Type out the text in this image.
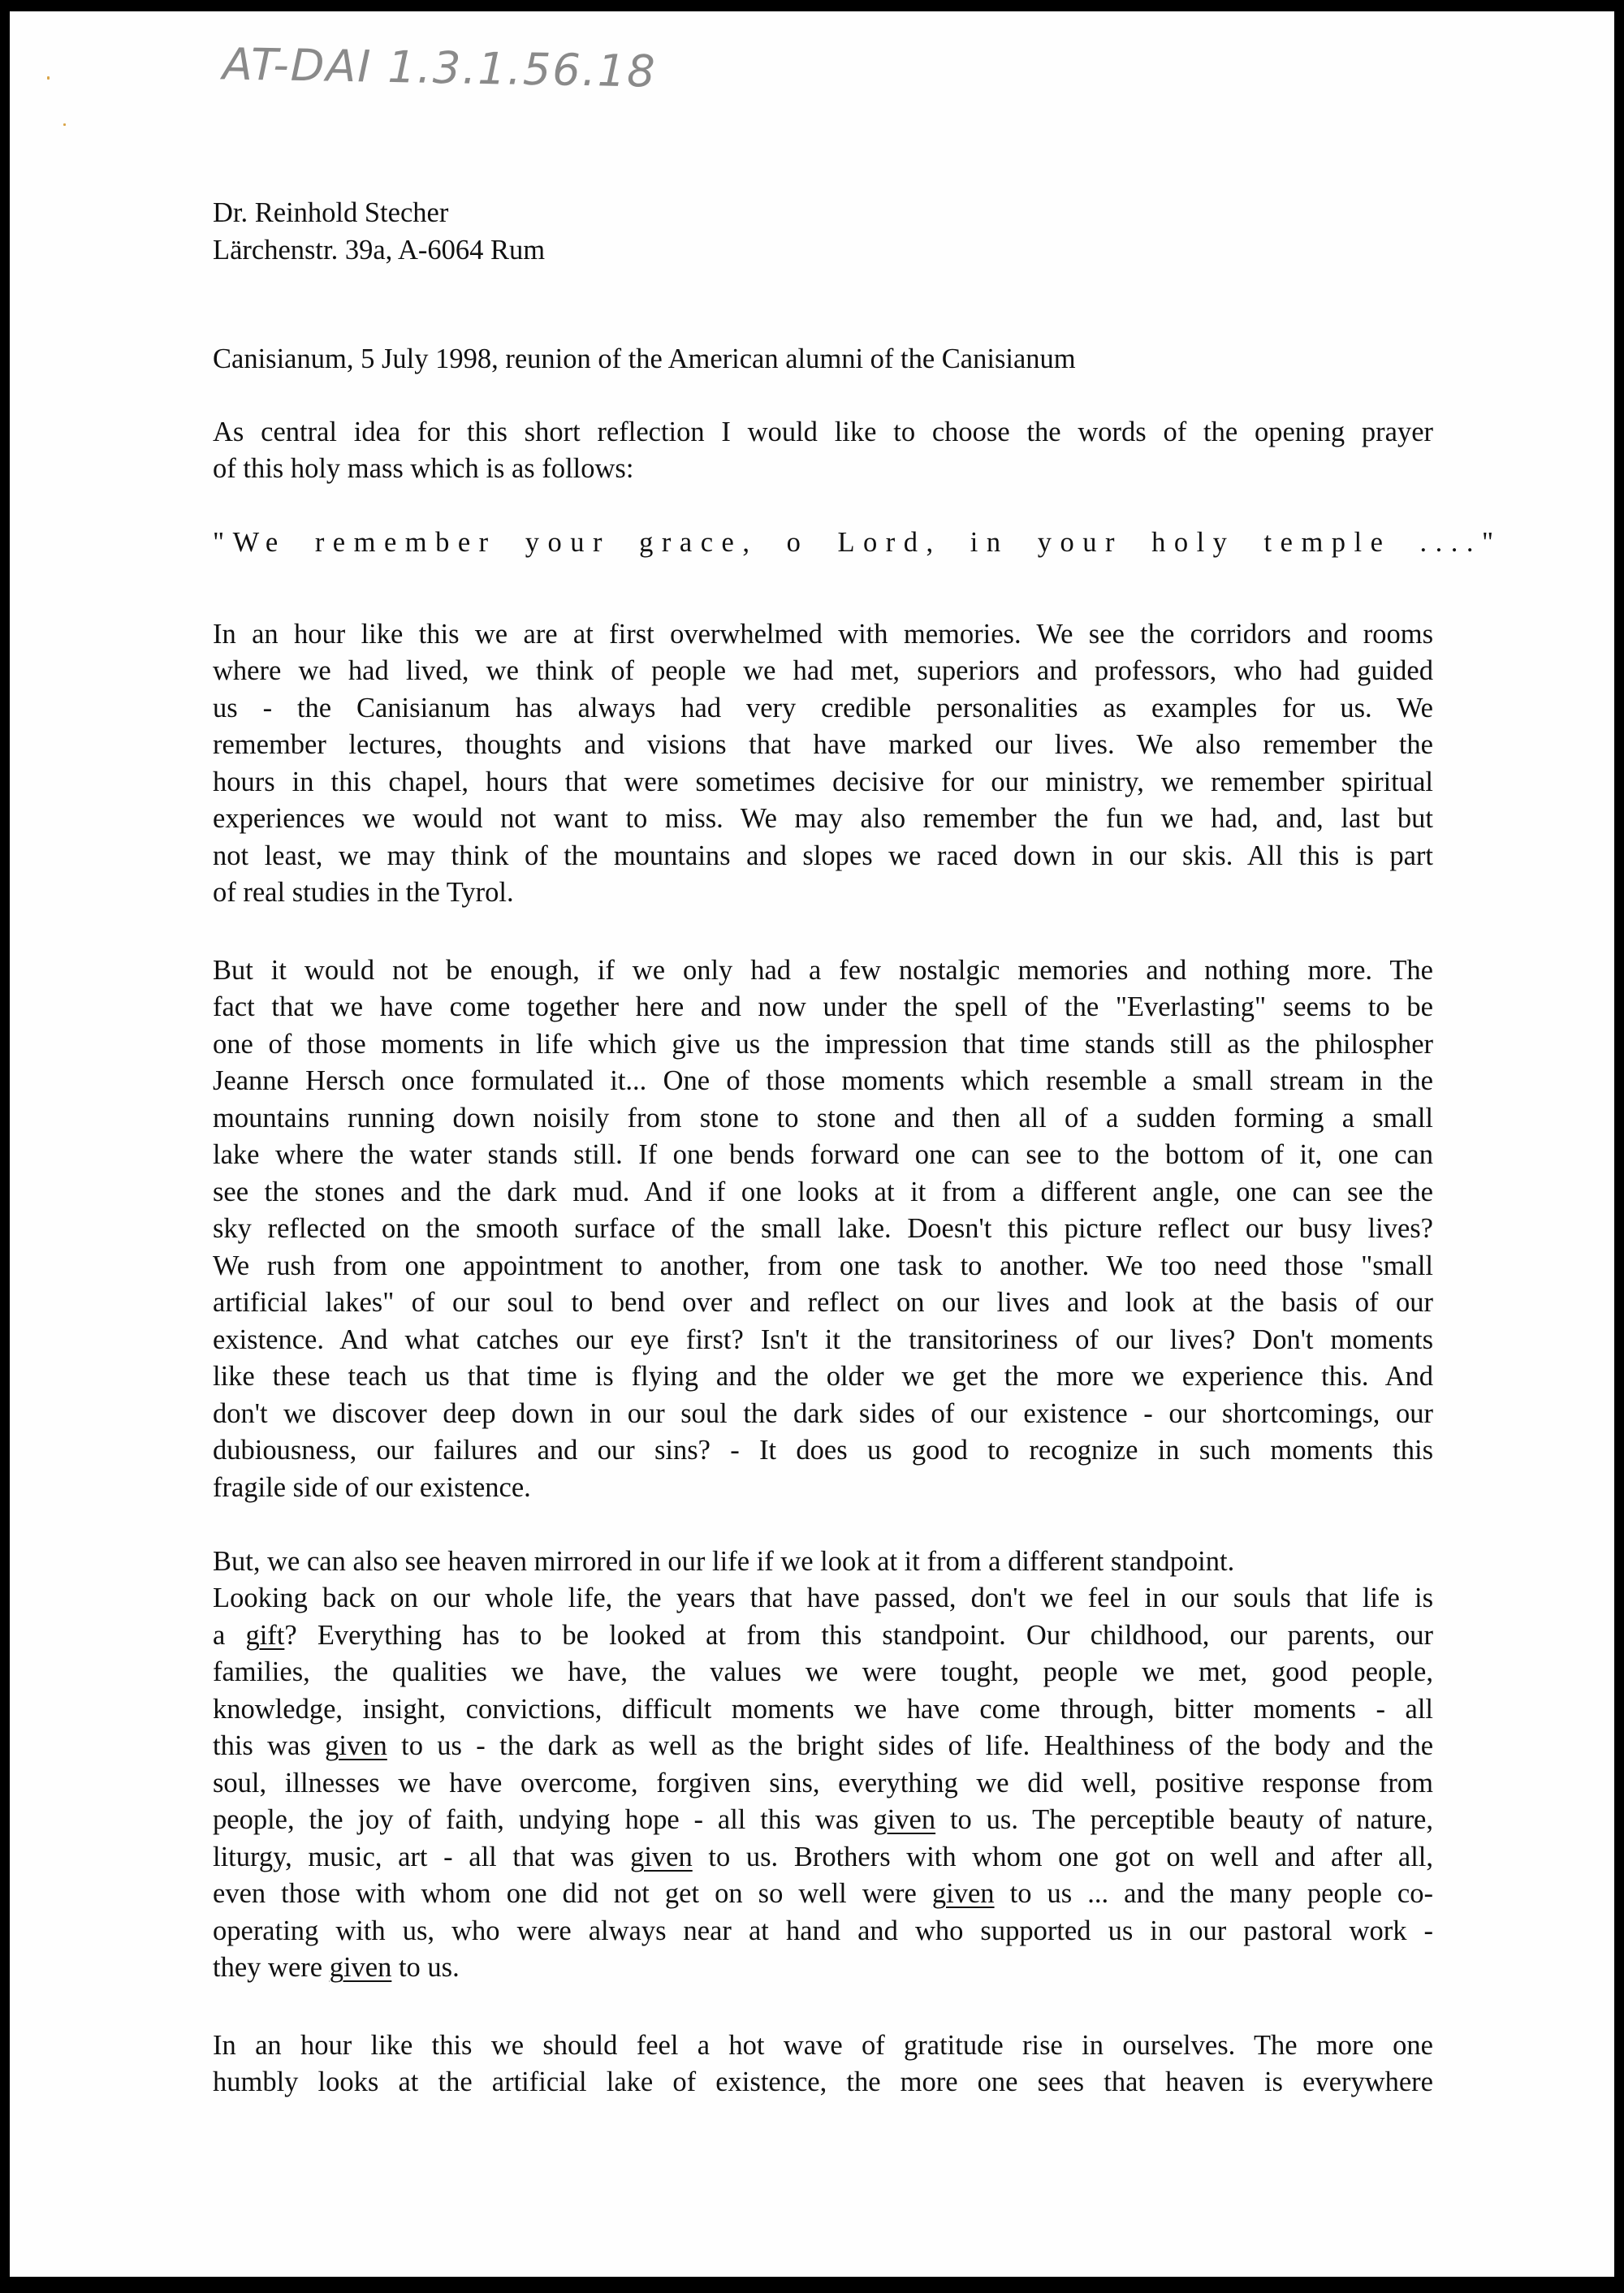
AT-DAI 1.3.1.56.18
Dr. Reinhold Stecher
Lärchenstr. 39a, A-6064 Rum
Canisianum, 5 July 1998, reunion of the American alumni of the Canisianum
As central idea for this short reflection I would like to choose the words of the opening prayer
of this holy mass which is as follows:
"We remember your grace, o Lord, in your holy temple ...."
In an hour like this we are at first overwhelmed with memories. We see the corridors and rooms
where we had lived, we think of people we had met, superiors and professors, who had guided
us - the Canisianum has always had very credible personalities as examples for us. We
remember lectures, thoughts and visions that have marked our lives. We also remember the
hours in this chapel, hours that were sometimes decisive for our ministry, we remember spiritual
experiences we would not want to miss. We may also remember the fun we had, and, last but
not least, we may think of the mountains and slopes we raced down in our skis. All this is part
of real studies in the Tyrol.
But it would not be enough, if we only had a few nostalgic memories and nothing more. The
fact that we have come together here and now under the spell of the "Everlasting" seems to be
one of those moments in life which give us the impression that time stands still as the philospher
Jeanne Hersch once formulated it... One of those moments which resemble a small stream in the
mountains running down noisily from stone to stone and then all of a sudden forming a small
lake where the water stands still. If one bends forward one can see to the bottom of it, one can
see the stones and the dark mud. And if one looks at it from a different angle, one can see the
sky reflected on the smooth surface of the small lake. Doesn't this picture reflect our busy lives?
We rush from one appointment to another, from one task to another. We too need those "small
artificial lakes" of our soul to bend over and reflect on our lives and look at the basis of our
existence. And what catches our eye first? Isn't it the transitoriness of our lives? Don't moments
like these teach us that time is flying and the older we get the more we experience this. And
don't we discover deep down in our soul the dark sides of our existence - our shortcomings, our
dubiousness, our failures and our sins? - It does us good to recognize in such moments this
fragile side of our existence.
But, we can also see heaven mirrored in our life if we look at it from a different standpoint.
Looking back on our whole life, the years that have passed, don't we feel in our souls that life is
a gift? Everything has to be looked at from this standpoint. Our childhood, our parents, our
families, the qualities we have, the values we were tought, people we met, good people,
knowledge, insight, convictions, difficult moments we have come through, bitter moments - all
this was given to us - the dark as well as the bright sides of life. Healthiness of the body and the
soul, illnesses we have overcome, forgiven sins, everything we did well, positive response from
people, the joy of faith, undying hope - all this was given to us. The perceptible beauty of nature,
liturgy, music, art - all that was given to us. Brothers with whom one got on well and after all,
even those with whom one did not get on so well were given to us ... and the many people co-
operating with us, who were always near at hand and who supported us in our pastoral work -
they were given to us.
In an hour like this we should feel a hot wave of gratitude rise in ourselves. The more one
humbly looks at the artificial lake of existence, the more one sees that heaven is everywhere
